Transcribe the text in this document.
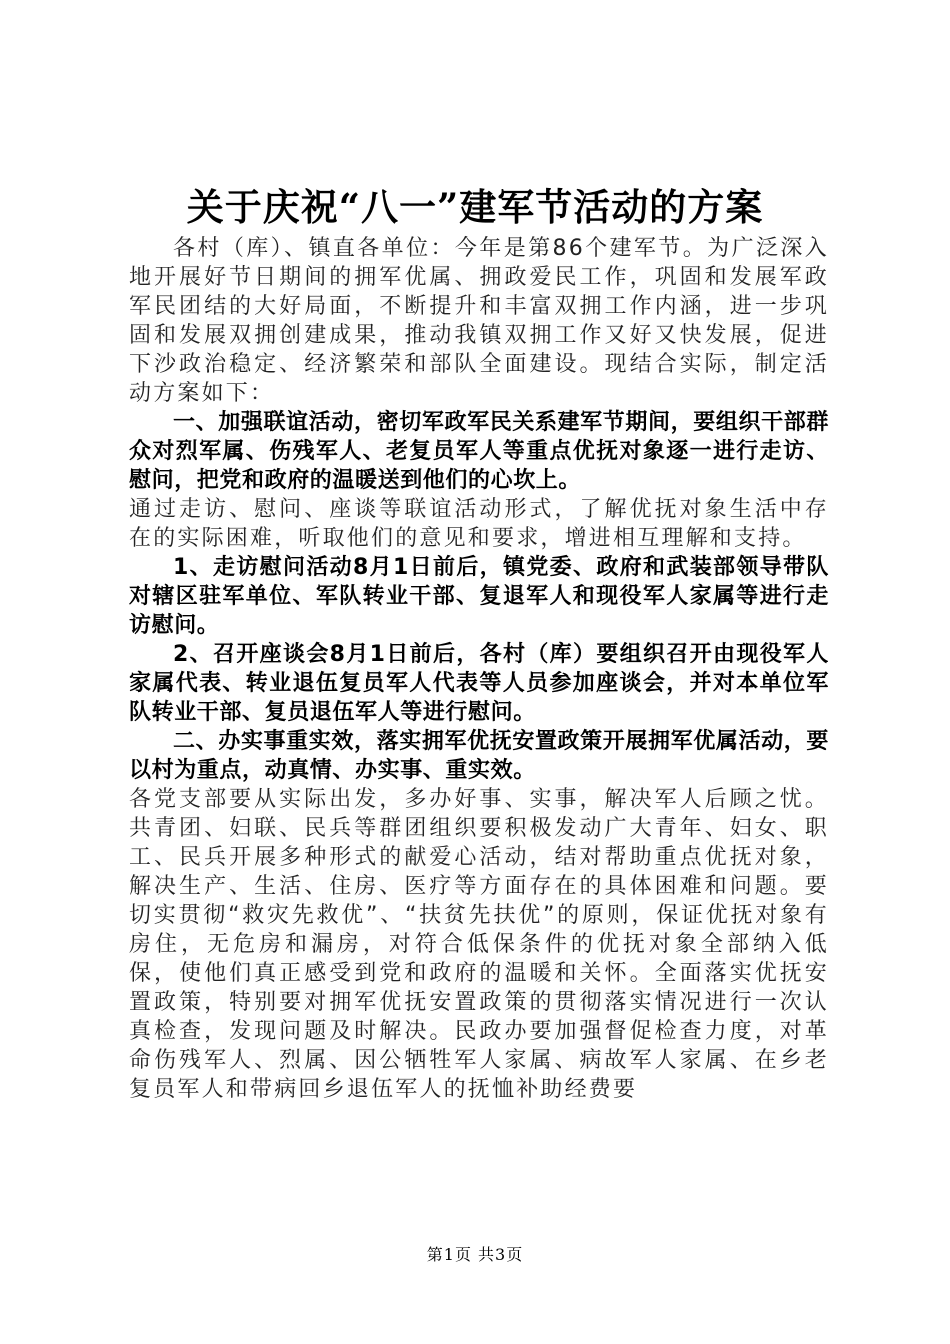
关于庆祝“八一”建军节活动的方案

各村（库）、镇直各单位：今年是第86个建军节。为广泛深入地开展好节日期间的拥军优属、拥政爱民工作，巩固和发展军政军民团结的大好局面，不断提升和丰富双拥工作内涵，进一步巩固和发展双拥创建成果，推动我镇双拥工作又好又快发展，促进下沙政治稳定、经济繁荣和部队全面建设。现结合实际，制定活动方案如下：

一、加强联谊活动，密切军政军民关系建军节期间，要组织干部群众对烈军属、伤残军人、老复员军人等重点优抚对象逐一进行走访、慰问，把党和政府的温暖送到他们的心坎上。

通过走访、慰问、座谈等联谊活动形式，了解优抚对象生活中存在的实际困难，听取他们的意见和要求，增进相互理解和支持。

1、走访慰问活动8月1日前后，镇党委、政府和武装部领导带队对辖区驻军单位、军队转业干部、复退军人和现役军人家属等进行走访慰问。

2、召开座谈会8月1日前后，各村（库）要组织召开由现役军人家属代表、转业退伍复员军人代表等人员参加座谈会，并对本单位军队转业干部、复员退伍军人等进行慰问。

二、办实事重实效，落实拥军优抚安置政策开展拥军优属活动，要以村为重点，动真情、办实事、重实效。

各党支部要从实际出发，多办好事、实事，解决军人后顾之忧。共青团、妇联、民兵等群团组织要积极发动广大青年、妇女、职工、民兵开展多种形式的献爱心活动，结对帮助重点优抚对象，解决生产、生活、住房、医疗等方面存在的具体困难和问题。要切实贯彻“救灾先救优”、“扶贫先扶优”的原则，保证优抚对象有房住，无危房和漏房，对符合低保条件的优抚对象全部纳入低保，使他们真正感受到党和政府的温暖和关怀。全面落实优抚安置政策，特别要对拥军优抚安置政策的贯彻落实情况进行一次认真检查，发现问题及时解决。民政办要加强督促检查力度，对革命伤残军人、烈属、因公牺牲军人家属、病故军人家属、在乡老复员军人和带病回乡退伍军人的抚恤补助经费要

第1页 共3页
